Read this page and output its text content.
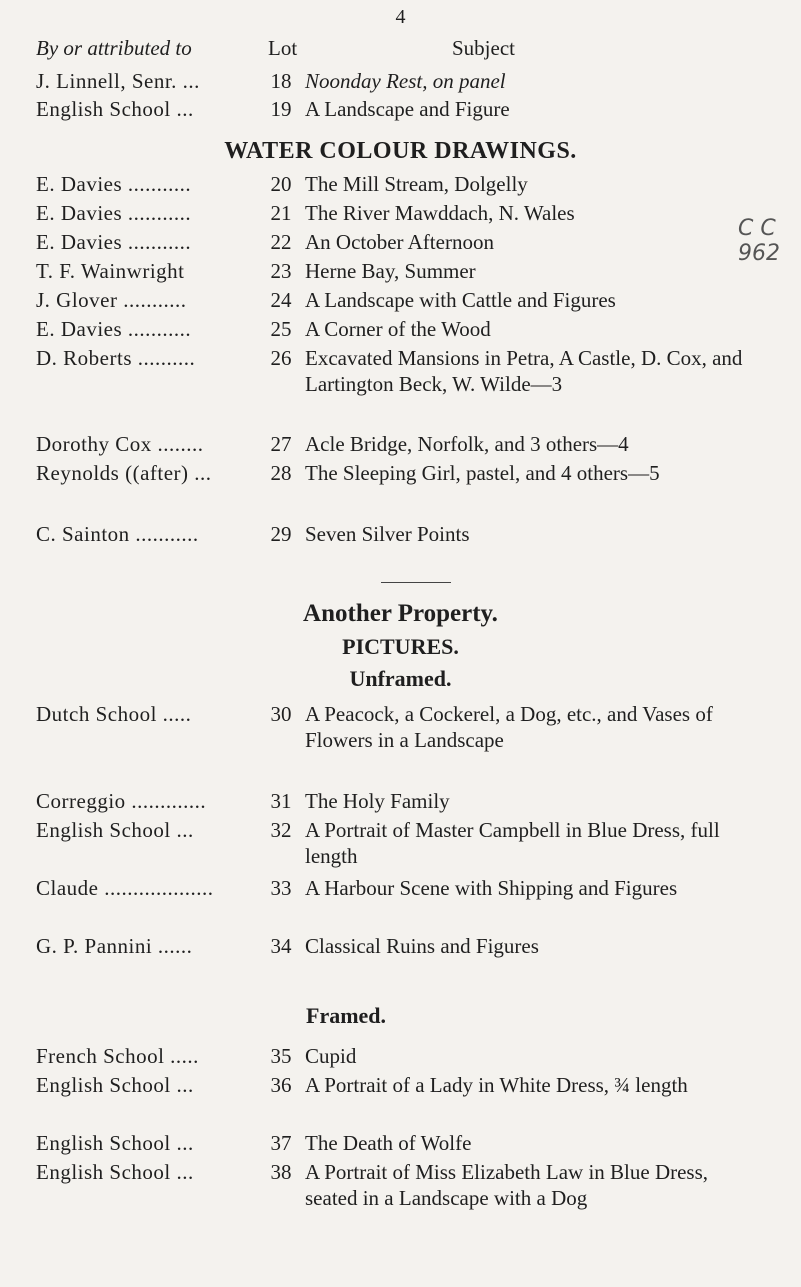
4
By or attributed to	Lot	Subject
J. Linnell, Senr. ...	18 Noonday Rest, on panel
English School ...	19 A Landscape and Figure
WATER COLOUR DRAWINGS.
E. Davies ...........	20 The Mill Stream, Dolgelly
E. Davies ...........	21 The River Mawddach, N. Wales
E. Davies ...........	22 An October Afternoon
T. F. Wainwright	23 Herne Bay, Summer
J. Glover ...........	24 A Landscape with Cattle and Figures
E. Davies ...........	25 A Corner of the Wood
D. Roberts ..........	26 Excavated Mansions in Petra, A Castle, D. Cox, and Lartington Beck, W. Wilde—3
Dorothy Cox ........	27 Acle Bridge, Norfolk, and 3 others—4
Reynolds ((after) ...	28 The Sleeping Girl, pastel, and 4 others—5
C. Sainton ...........	29 Seven Silver Points
Another Property.
PICTURES.
Unframed.
Dutch School .....	30 A Peacock, a Cockerel, a Dog, etc., and Vases of Flowers in a Landscape
Correggio .............	31 The Holy Family
English School ...	32 A Portrait of Master Campbell in Blue Dress, full length
Claude ...................	33 A Harbour Scene with Shipping and Figures
G. P. Pannini ......	34 Classical Ruins and Figures
Framed.
French School .....	35 Cupid
English School ...	36 A Portrait of a Lady in White Dress, ¾ length
English School ...	37 The Death of Wolfe
English School ...	38 A Portrait of Miss Elizabeth Law in Blue Dress, seated in a Landscape with a Dog
C C 962
